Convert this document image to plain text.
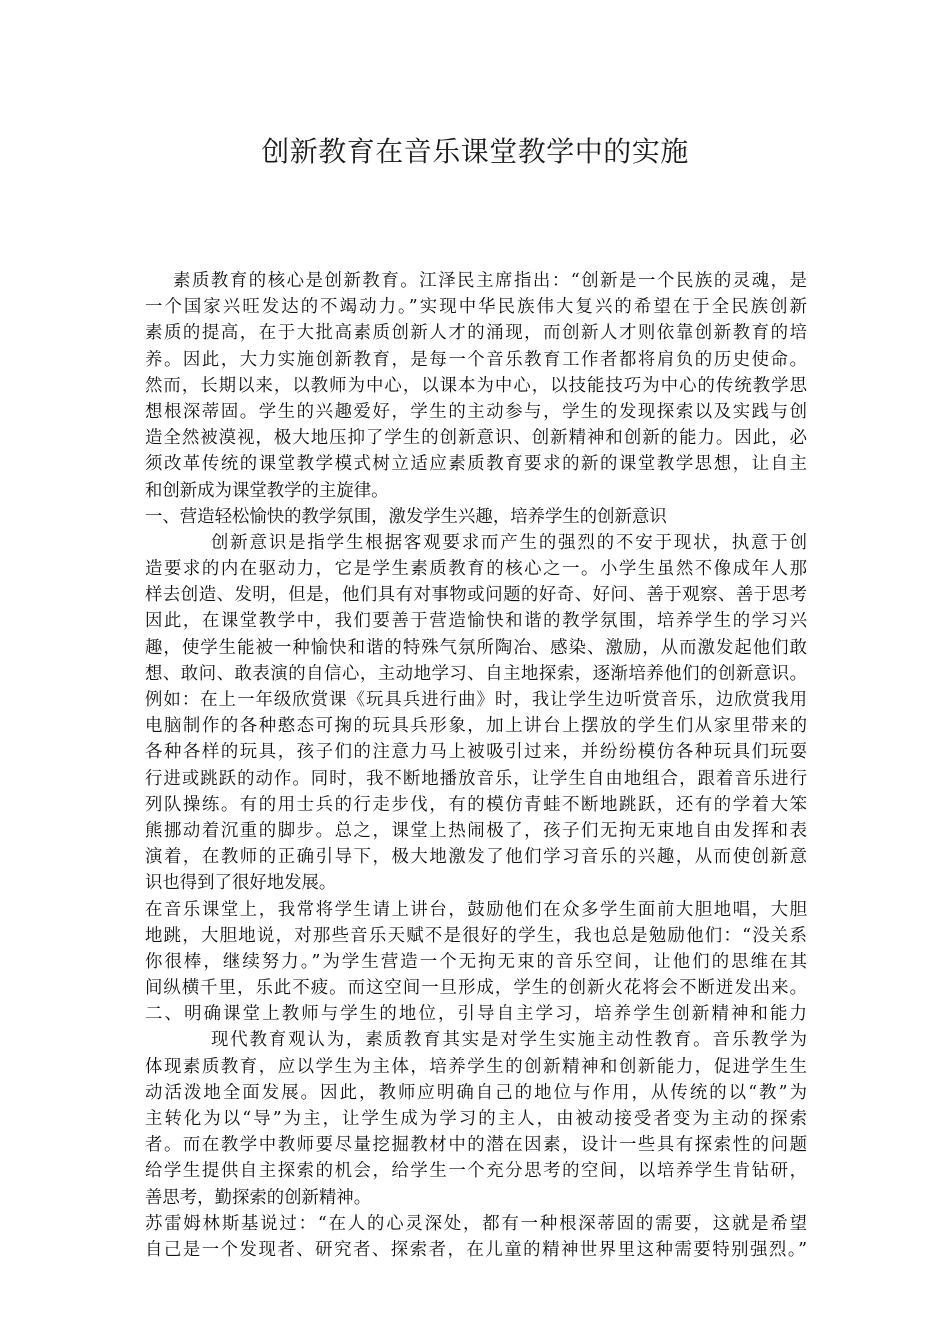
创新教育在音乐课堂教学中的实施
素质教育的核心是创新教育。江泽民主席指出：“创新是一个民族的灵魂，是
一个国家兴旺发达的不竭动力。”实现中华民族伟大复兴的希望在于全民族创新
素质的提高，在于大批高素质创新人才的涌现，而创新人才则依靠创新教育的培
养。因此，大力实施创新教育，是每一个音乐教育工作者都将肩负的历史使命。
然而，长期以来，以教师为中心，以课本为中心，以技能技巧为中心的传统教学思
想根深蒂固。学生的兴趣爱好，学生的主动参与，学生的发现探索以及实践与创
造全然被漠视，极大地压抑了学生的创新意识、创新精神和创新的能力。因此，必
须改革传统的课堂教学模式树立适应素质教育要求的新的课堂教学思想，让自主
和创新成为课堂教学的主旋律。
一、营造轻松愉快的教学氛围，激发学生兴趣，培养学生的创新意识
创新意识是指学生根据客观要求而产生的强烈的不安于现状，执意于创
造要求的内在驱动力，它是学生素质教育的核心之一。小学生虽然不像成年人那
样去创造、发明，但是，他们具有对事物或问题的好奇、好问、善于观察、善于思考
因此，在课堂教学中，我们要善于营造愉快和谐的教学氛围，培养学生的学习兴
趣，使学生能被一种愉快和谐的特殊气氛所陶冶、感染、激励，从而激发起他们敢
想、敢问、敢表演的自信心，主动地学习、自主地探索，逐渐培养他们的创新意识。
例如：在上一年级欣赏课《玩具兵进行曲》时，我让学生边听赏音乐，边欣赏我用
电脑制作的各种憨态可掬的玩具兵形象，加上讲台上摆放的学生们从家里带来的
各种各样的玩具，孩子们的注意力马上被吸引过来，并纷纷模仿各种玩具们玩耍
行进或跳跃的动作。同时，我不断地播放音乐，让学生自由地组合，跟着音乐进行
列队操练。有的用士兵的行走步伐，有的模仿青蛙不断地跳跃，还有的学着大笨
熊挪动着沉重的脚步。总之，课堂上热闹极了，孩子们无拘无束地自由发挥和表
演着，在教师的正确引导下，极大地激发了他们学习音乐的兴趣，从而使创新意
识也得到了很好地发展。
在音乐课堂上，我常将学生请上讲台，鼓励他们在众多学生面前大胆地唱，大胆
地跳，大胆地说，对那些音乐天赋不是很好的学生，我也总是勉励他们：“没关系
你很棒，继续努力。”为学生营造一个无拘无束的音乐空间，让他们的思维在其
间纵横千里，乐此不疲。而这空间一旦形成，学生的创新火花将会不断迸发出来。
二、明确课堂上教师与学生的地位，引导自主学习，培养学生创新精神和能力
现代教育观认为，素质教育其实是对学生实施主动性教育。音乐教学为
体现素质教育，应以学生为主体，培养学生的创新精神和创新能力，促进学生生
动活泼地全面发展。因此，教师应明确自己的地位与作用，从传统的以“教”为
主转化为以“导”为主，让学生成为学习的主人，由被动接受者变为主动的探索
者。而在教学中教师要尽量挖掘教材中的潜在因素，设计一些具有探索性的问题
给学生提供自主探索的机会，给学生一个充分思考的空间，以培养学生肯钻研，
善思考，勤探索的创新精神。
苏雷姆林斯基说过：“在人的心灵深处，都有一种根深蒂固的需要，这就是希望
自己是一个发现者、研究者、探索者，在儿童的精神世界里这种需要特别强烈。”
